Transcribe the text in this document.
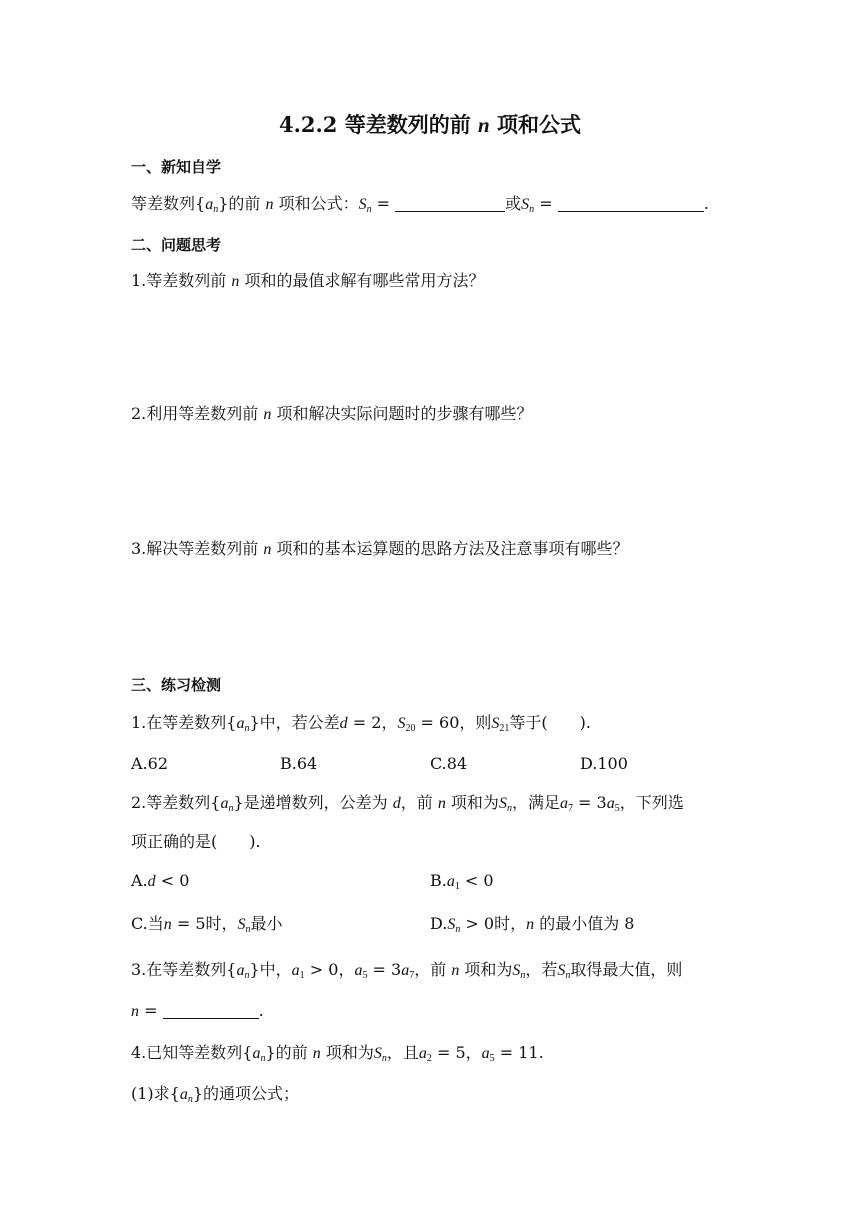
4.2.2 等差数列的前 n 项和公式
一、新知自学
等差数列$\{a_n\}$的前 n 项和公式：$S_n$ =	或$S_n$ =	.
二、问题思考
1.等差数列前 n 项和的最值求解有哪些常用方法？
2.利用等差数列前 n 项和解决实际问题时的步骤有哪些？
3.解决等差数列前 n 项和的基本运算题的思路方法及注意事项有哪些？
三、练习检测
1.在等差数列$\{a_n\}$中，若公差d = 2，$S_{20} = 60$，则$S_{21}$等于(　　).
A.62	B.64	C.84	D.100
2.等差数列$\{a_n\}$是递增数列，公差为 d，前 n 项和为$S_n$，满足$a_7 = 3a_5$，下列选
项正确的是(　　).
A.d < 0	$B.a_1 < 0$
C.当n = 5时，$S_n$最小	$D.S_n > 0$时，n 的最小值为 8
3.在等差数列$\{a_n\}$中，$a_1 > 0$，$a_5 = 3a_7$，前 n 项和为$S_n$，若$S_n$取得最大值，则
n =	.
4.已知等差数列$\{a_n\}$的前 n 项和为$S_n$，且$a_2 = 5$，$a_5 = 11$.
(1)求$\{a_n\}$的通项公式；
